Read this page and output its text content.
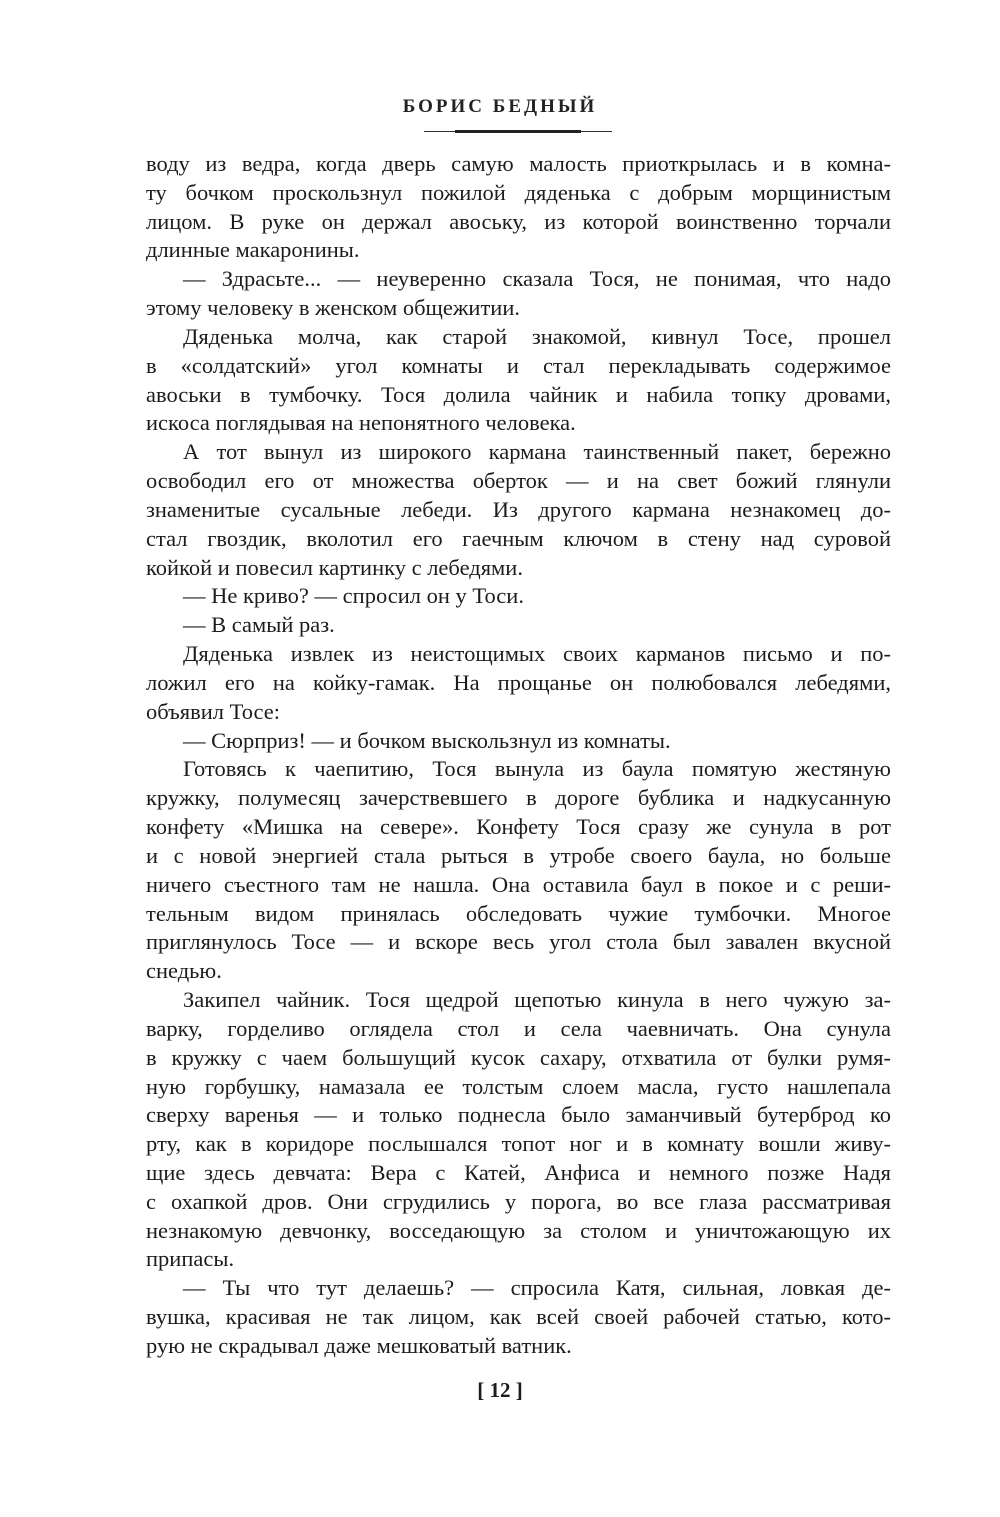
БОРИС БЕДНЫЙ
воду из ведра, когда дверь самую малость приоткрылась и в комна-
ту бочком проскользнул пожилой дяденька с добрым морщинистым
лицом. В руке он держал авоську, из которой воинственно торчали
длинные макаронины.
— Здрасьте... — неуверенно сказала Тося, не понимая, что надо
этому человеку в женском общежитии.
Дяденька молча, как старой знакомой, кивнул Тосе, прошел
в «солдатский» угол комнаты и стал перекладывать содержимое
авоськи в тумбочку. Тося долила чайник и набила топку дровами,
искоса поглядывая на непонятного человека.
А тот вынул из широкого кармана таинственный пакет, бережно
освободил его от множества оберток — и на свет божий глянули
знаменитые сусальные лебеди. Из другого кармана незнакомец до-
стал гвоздик, вколотил его гаечным ключом в стену над суровой
койкой и повесил картинку с лебедями.
— Не криво? — спросил он у Тоси.
— В самый раз.
Дяденька извлек из неистощимых своих карманов письмо и по-
ложил его на койку-гамак. На прощанье он полюбовался лебедями,
объявил Тосе:
— Сюрприз! — и бочком выскользнул из комнаты.
Готовясь к чаепитию, Тося вынула из баула помятую жестяную
кружку, полумесяц зачерствевшего в дороге бублика и надкусанную
конфету «Мишка на севере». Конфету Тося сразу же сунула в рот
и с новой энергией стала рыться в утробе своего баула, но больше
ничего съестного там не нашла. Она оставила баул в покое и с реши-
тельным видом принялась обследовать чужие тумбочки. Многое
приглянулось Тосе — и вскоре весь угол стола был завален вкусной
снедью.
Закипел чайник. Тося щедрой щепотью кинула в него чужую за-
варку, горделиво оглядела стол и села чаевничать. Она сунула
в кружку с чаем большущий кусок сахару, отхватила от булки румя-
ную горбушку, намазала ее толстым слоем масла, густо нашлепала
сверху варенья — и только поднесла было заманчивый бутерброд ко
рту, как в коридоре послышался топот ног и в комнату вошли живу-
щие здесь девчата: Вера с Катей, Анфиса и немного позже Надя
с охапкой дров. Они сгрудились у порога, во все глаза рассматривая
незнакомую девчонку, восседающую за столом и уничтожающую их
припасы.
— Ты что тут делаешь? — спросила Катя, сильная, ловкая де-
вушка, красивая не так лицом, как всей своей рабочей статью, кото-
рую не скрадывал даже мешковатый ватник.
[ 12 ]
